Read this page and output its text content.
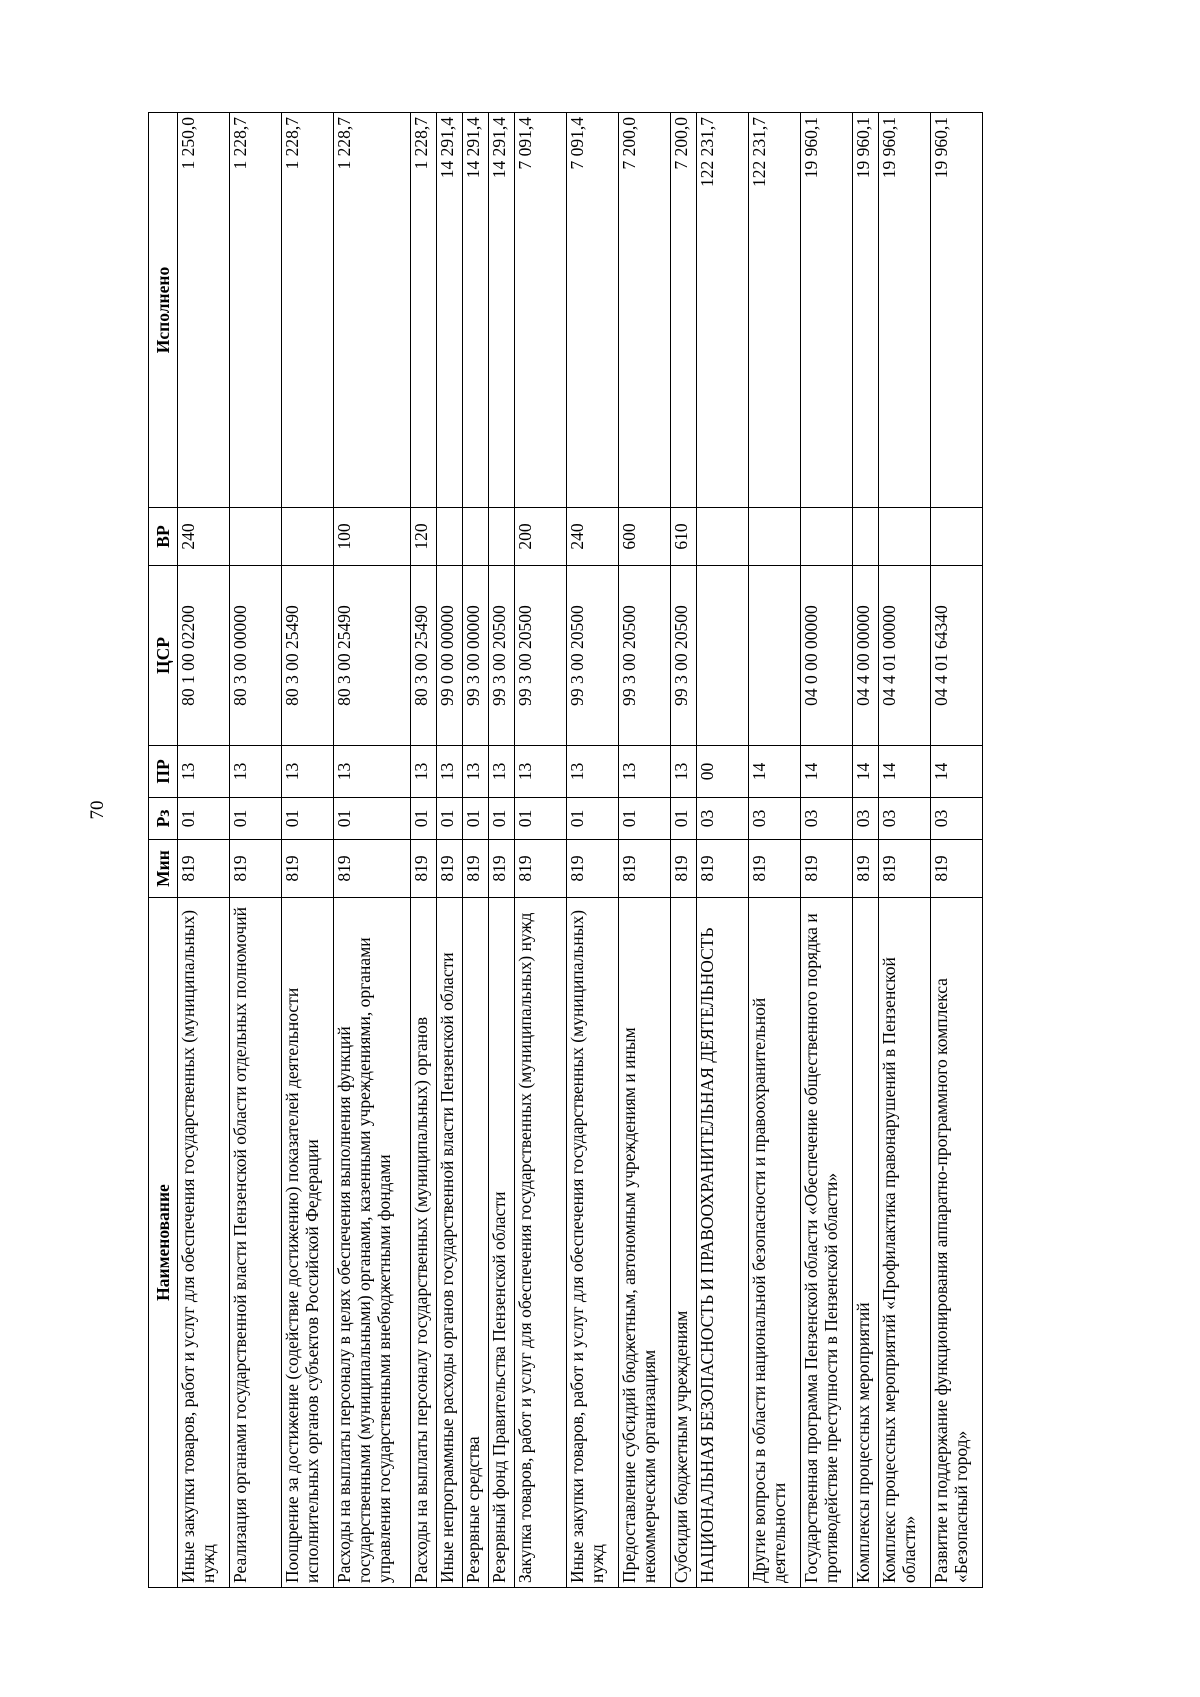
70
Наименование	Мин	Рз	ПР	ЦСР	ВР	Исполнено
Иные закупки товаров, работ и услуг для обеспечения государственных (муниципальных) нужд	819	01	13	80 1 00 02200	240	1 250,0
Реализация органами государственной власти Пензенской области отдельных полномочий	819	01	13	80 3 00 00000		1 228,7
Поощрение за достижение (содействие достижению) показателей деятельности исполнительных органов субъектов Российской Федерации	819	01	13	80 3 00 25490		1 228,7
Расходы на выплаты персоналу в целях обеспечения выполнения функций государственными (муниципальными) органами, казенными учреждениями, органами управления государственными внебюджетными фондами	819	01	13	80 3 00 25490	100	1 228,7
Расходы на выплаты персоналу государственных (муниципальных) органов	819	01	13	80 3 00 25490	120	1 228,7
Иные непрограммные расходы органов государственной власти Пензенской области	819	01	13	99 0 00 00000		14 291,4
Резервные средства	819	01	13	99 3 00 00000		14 291,4
Резервный фонд Правительства Пензенской области	819	01	13	99 3 00 20500		14 291,4
Закупка товаров, работ и услуг для обеспечения государственных (муниципальных) нужд	819	01	13	99 3 00 20500	200	7 091,4
Иные закупки товаров, работ и услуг для обеспечения государственных (муниципальных) нужд	819	01	13	99 3 00 20500	240	7 091,4
Предоставление субсидий бюджетным, автономным учреждениям и иным некоммерческим организациям	819	01	13	99 3 00 20500	600	7 200,0
Субсидии бюджетным учреждениям	819	01	13	99 3 00 20500	610	7 200,0
НАЦИОНАЛЬНАЯ БЕЗОПАСНОСТЬ И ПРАВООХРАНИТЕЛЬНАЯ ДЕЯТЕЛЬНОСТЬ	819	03	00			122 231,7
Другие вопросы в области национальной безопасности и правоохранительной деятельности	819	03	14			122 231,7
Государственная программа Пензенской области «Обеспечение общественного порядка и противодействие преступности в Пензенской области»	819	03	14	04 0 00 00000		19 960,1
Комплексы процессных мероприятий	819	03	14	04 4 00 00000		19 960,1
Комплекс процессных мероприятий «Профилактика правонарушений в Пензенской области»	819	03	14	04 4 01 00000		19 960,1
Развитие и поддержание функционирования аппаратно-программного комплекса «Безопасный город»	819	03	14	04 4 01 64340		19 960,1
